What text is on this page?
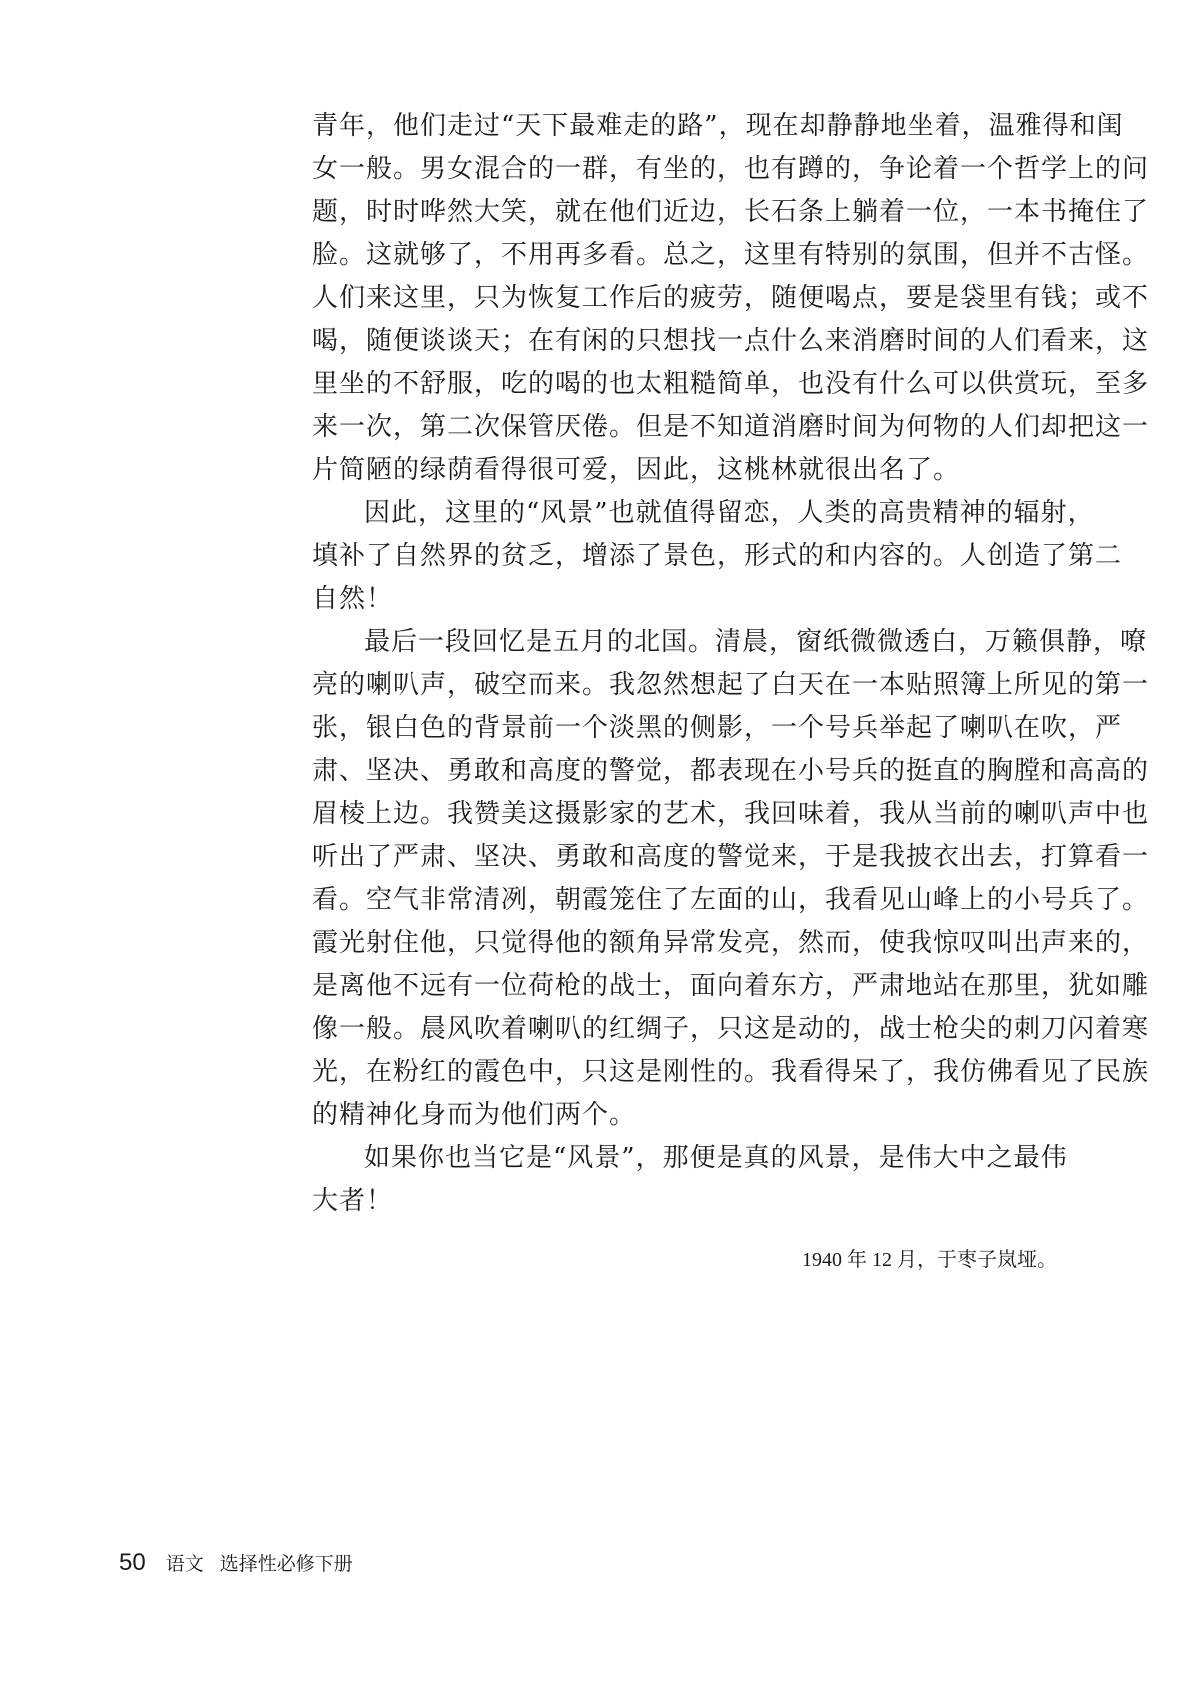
青年，他们走过“天下最难走的路”，现在却静静地坐着，温雅得和闺
女一般。男女混合的一群，有坐的，也有蹲的，争论着一个哲学上的问
题，时时哗然大笑，就在他们近边，长石条上躺着一位，一本书掩住了
脸。这就够了，不用再多看。总之，这里有特别的氛围，但并不古怪。
人们来这里，只为恢复工作后的疲劳，随便喝点，要是袋里有钱；或不
喝，随便谈谈天；在有闲的只想找一点什么来消磨时间的人们看来，这
里坐的不舒服，吃的喝的也太粗糙简单，也没有什么可以供赏玩，至多
来一次，第二次保管厌倦。但是不知道消磨时间为何物的人们却把这一
片简陋的绿荫看得很可爱，因此，这桃林就很出名了。
因此，这里的“风景”也就值得留恋，人类的高贵精神的辐射，
填补了自然界的贫乏，增添了景色，形式的和内容的。人创造了第二
自然！
最后一段回忆是五月的北国。清晨，窗纸微微透白，万籁俱静，嘹
亮的喇叭声，破空而来。我忽然想起了白天在一本贴照簿上所见的第一
张，银白色的背景前一个淡黑的侧影，一个号兵举起了喇叭在吹，严
肃、坚决、勇敢和高度的警觉，都表现在小号兵的挺直的胸膛和高高的
眉棱上边。我赞美这摄影家的艺术，我回味着，我从当前的喇叭声中也
听出了严肃、坚决、勇敢和高度的警觉来，于是我披衣出去，打算看一
看。空气非常清冽，朝霞笼住了左面的山，我看见山峰上的小号兵了。
霞光射住他，只觉得他的额角异常发亮，然而，使我惊叹叫出声来的，
是离他不远有一位荷枪的战士，面向着东方，严肃地站在那里，犹如雕
像一般。晨风吹着喇叭的红绸子，只这是动的，战士枪尖的刺刀闪着寒
光，在粉红的霞色中，只这是刚性的。我看得呆了，我仿佛看见了民族
的精神化身而为他们两个。
如果你也当它是“风景”，那便是真的风景，是伟大中之最伟
大者！
1940 年 12 月，于枣子岚垭。
50 语文 选择性必修下册
